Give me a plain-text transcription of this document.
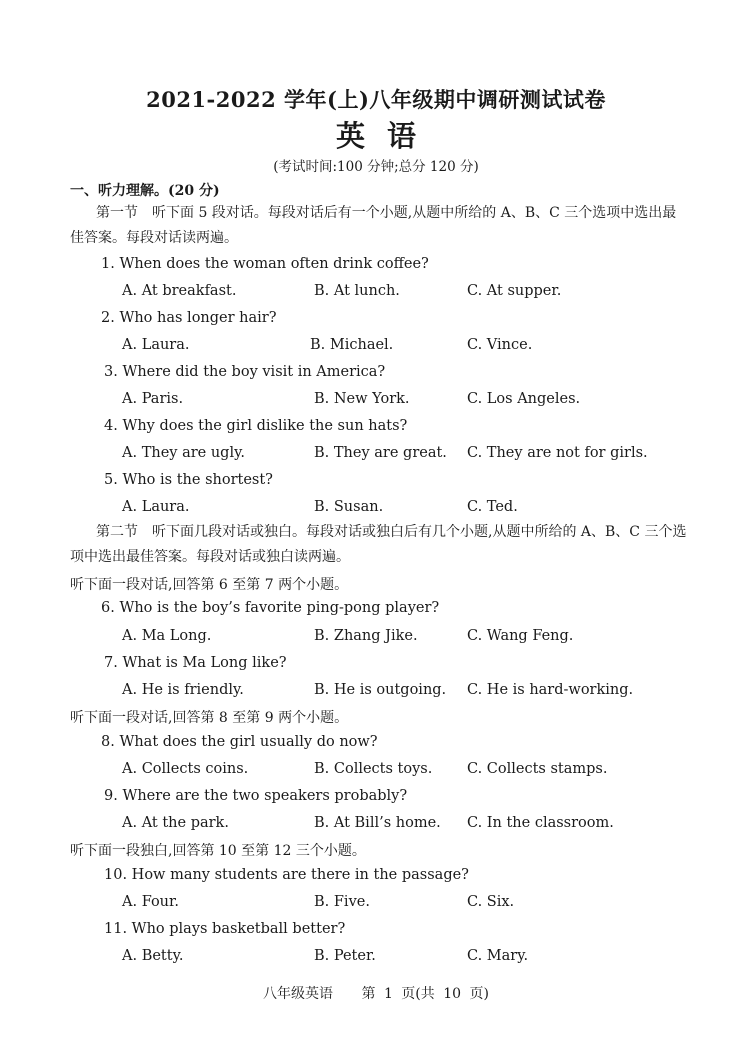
2021-2022 学年(上)八年级期中调研测试试卷
英语
(考试时间:100 分钟;总分 120 分)
一、听力理解。(20 分)
第一节　听下面 5 段对话。每段对话后有一个小题,从题中所给的 A、B、C 三个选项中选出最佳答案。每段对话读两遍。
1. When does the woman often drink coffee?
A. At breakfast.	B. At lunch.	C. At supper.
2. Who has longer hair?
A. Laura.	B. Michael.	C. Vince.
3. Where did the boy visit in America?
A. Paris.	B. New York.	C. Los Angeles.
4. Why does the girl dislike the sun hats?
A. They are ugly.	B. They are great. C. They are not for girls.
5. Who is the shortest?
A. Laura.	B. Susan.	C. Ted.
第二节　听下面几段对话或独白。每段对话或独白后有几个小题,从题中所给的 A、B、C 三个选项中选出最佳答案。每段对话或独白读两遍。
听下面一段对话,回答第 6 至第 7 两个小题。
6. Who is the boy’s favorite ping-pong player?
A. Ma Long.	B. Zhang Jike.	C. Wang Feng.
7. What is Ma Long like?
A. He is friendly.	B. He is outgoing. C. He is hard-working.
听下面一段对话,回答第 8 至第 9 两个小题。
8. What does the girl usually do now?
A. Collects coins.	B. Collects toys. C. Collects stamps.
9. Where are the two speakers probably?
A. At the park.	B. At Bill’s home. C. In the classroom.
听下面一段独白,回答第 10 至第 12 三个小题。
10. How many students are there in the passage?
A. Four.	B. Five.	C. Six.
11. Who plays basketball better?
A. Betty.	B. Peter.	C. Mary.
八年级英语 第 1 页(共 10 页)
